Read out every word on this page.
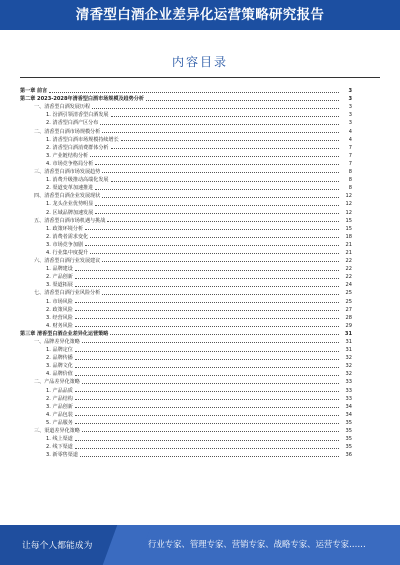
清香型白酒企业差异化运营策略研究报告
内容目录
第一章 前言	3
第二章 2023-2028年清香型白酒市场规模及趋势分析	3
一、清香型白酒发展历程	3
1. 汾酒引领清香型白酒发展	3
2. 清香型白酒产区分布	3
二、清香型白酒市场规模分析	4
1. 清香型白酒市场规模持续增长	4
2. 清香型白酒消费群体分析	7
3. 产业链结构分析	7
4. 市场竞争格局分析	7
三、清香型白酒市场发展趋势	8
1. 消费升级推动高端化发展	8
2. 渠道变革加速推进	8
四、清香型白酒企业发展现状	12
1. 龙头企业优势明显	12
2. 区域品牌加速发展	12
五、清香型白酒市场机遇与挑战	15
1. 政策环境分析	15
2. 消费者需求变化	18
3. 市场竞争加剧	21
4. 行业集中度提升	21
六、清香型白酒行业发展建议	22
1. 品牌建设	22
2. 产品创新	22
3. 渠道拓展	24
七、清香型白酒行业风险分析	25
1. 市场风险	25
2. 政策风险	27
3. 经营风险	28
4. 财务风险	29
第三章 清香型白酒企业差异化运营策略	31
一、品牌差异化策略	31
1. 品牌定位	31
2. 品牌传播	32
3. 品牌文化	32
4. 品牌价值	32
二、产品差异化策略	33
1. 产品品质	33
2. 产品结构	33
3. 产品创新	34
4. 产品包装	34
5. 产品服务	35
三、渠道差异化策略	35
1. 线上渠道	35
2. 线下渠道	35
3. 新零售渠道	36
让每个人都能成为	行业专家、管理专家、营销专家、战略专家、运营专家……
